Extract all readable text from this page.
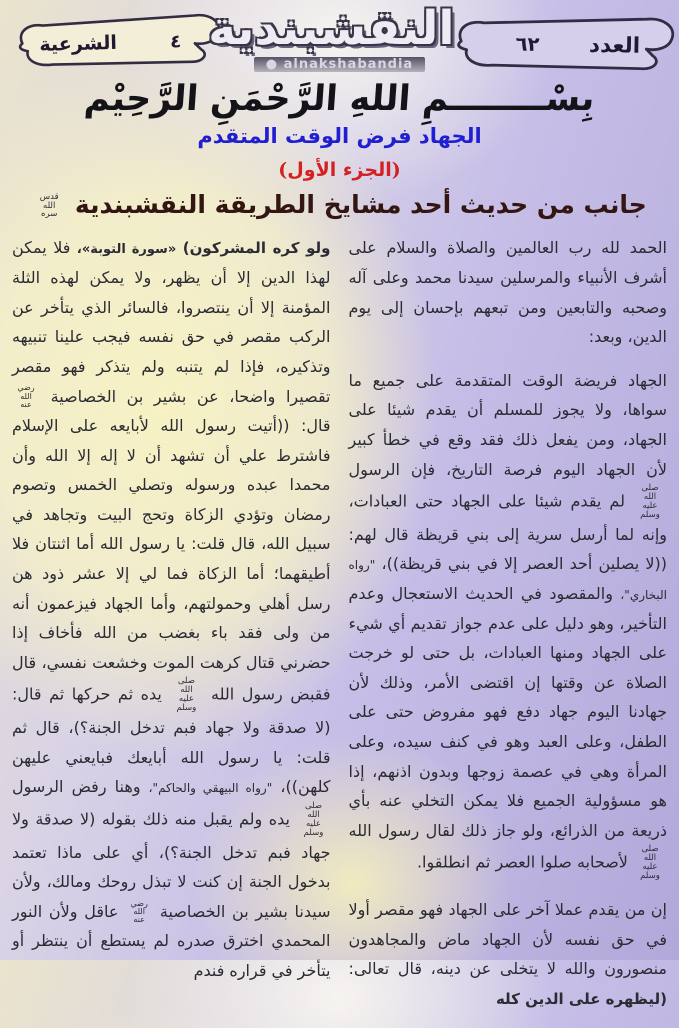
الشرعية	٤ النقشبندية
● alnakshabandia
العدد
٦٢
بِسْــــــــمِ اللهِ الرَّحْمَنِ الرَّحِيْم
الجهاد فرض الوقت المتقدم
(الجزء الأول)
جانب من حديث أحد مشايخ الطريقة النقشبندية قدس الله سره

الحمد لله رب العالمين والصلاة والسلام على أشرف الأنبياء والمرسلين سيدنا محمد وعلى آله وصحبه والتابعين ومن تبعهم بإحسان إلى يوم الدين، وبعد:

الجهاد فريضة الوقت المتقدمة على جميع ما سواها، ولا يجوز للمسلم أن يقدم شيئا على الجهاد، ومن يفعل ذلك فقد وقع في خطأ كبير لأن الجهاد اليوم فرصة التاريخ، فإن الرسول صلى الله عليه وسلم لم يقدم شيئا على الجهاد حتى العبادات، وإنه لما أرسل سرية إلى بني قريظة قال لهم: ((لا يصلين أحد العصر إلا في بني قريظة))، "رواه البخاري"، والمقصود في الحديث الاستعجال وعدم التأخير، وهو دليل على عدم جواز تقديم أي شيء على الجهاد ومنها العبادات، بل حتى لو خرجت الصلاة عن وقتها إن اقتضى الأمر، وذلك لأن جهادنا اليوم جهاد دفع فهو مفروض حتى على الطفل، وعلى العبد وهو في كنف سيده، وعلى المرأة وهي في عصمة زوجها وبدون اذنهم، إذا هو مسؤولية الجميع فلا يمكن التخلي عنه بأي ذريعة من الذرائع، ولو جاز ذلك لقال رسول الله صلى الله عليه وسلم لأصحابه صلوا العصر ثم انطلقوا.

إن من يقدم عملا آخر على الجهاد فهو مقصر أولا في حق نفسه لأن الجهاد ماض والمجاهدون منصورون والله لا يتخلى عن دينه، قال تعالى: (ليظهره على الدين كله

ولو كره المشركون) «سورة التوبة»، فلا يمكن لهذا الدين إلا أن يظهر، ولا يمكن لهذه الثلة المؤمنة إلا أن ينتصروا، فالسائر الذي يتأخر عن الركب مقصر في حق نفسه فيجب علينا تنبيهه وتذكيره، فإذا لم يتنبه ولم يتذكر فهو مقصر تقصيرا واضحا، عن بشير بن الخصاصية رضي الله عنه قال: ((أتيت رسول الله لأبايعه على الإسلام فاشترط علي أن تشهد أن لا إله إلا الله وأن محمدا عبده ورسوله وتصلي الخمس وتصوم رمضان وتؤدي الزكاة وتحج البيت وتجاهد في سبيل الله، قال قلت: يا رسول الله أما اثنتان فلا أطيقهما؛ أما الزكاة فما لي إلا عشر ذود هن رسل أهلي وحمولتهم، وأما الجهاد فيزعمون أنه من ولى فقد باء بغضب من الله فأخاف إذا حضرني قتال كرهت الموت وخشعت نفسي، قال فقبض رسول الله صلى الله عليه وسلم يده ثم حركها ثم قال: (لا صدقة ولا جهاد فبم تدخل الجنة؟)، قال ثم قلت: يا رسول الله أبايعك فبايعني عليهن كلهن))، "رواه البيهقي والحاكم"، وهنا رفض الرسول صلى الله عليه وسلم يده ولم يقبل منه ذلك بقوله (لا صدقة ولا جهاد فبم تدخل الجنة؟)، أي على ماذا تعتمد بدخول الجنة إن كنت لا تبذل روحك ومالك، ولأن سيدنا بشير بن الخصاصية رضي الله عنه عاقل ولأن النور المحمدي اخترق صدره لم يستطع أن ينتظر أو يتأخر في قراره فندم
